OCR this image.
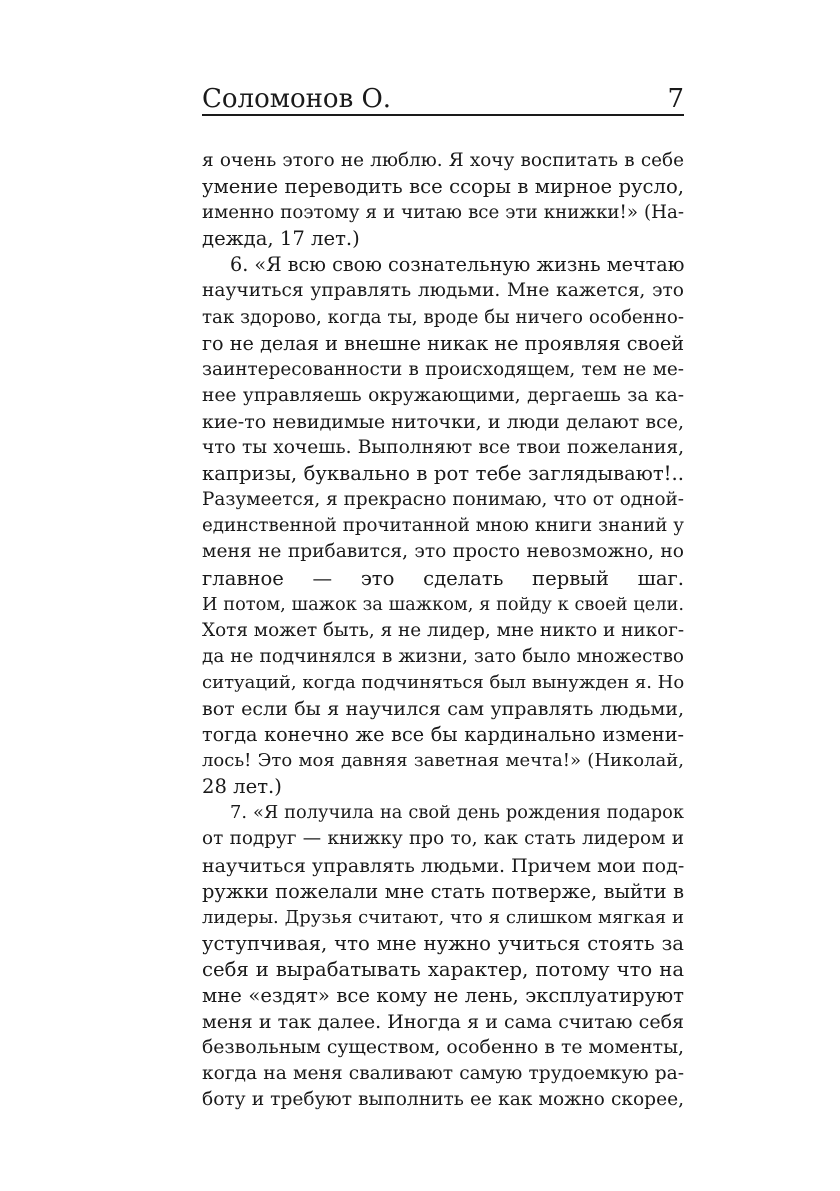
Соломонов О.	7
я очень этого не люблю. Я хочу воспитать в себе
умение переводить все ссоры в мирное русло,
именно поэтому я и читаю все эти книжки!» (На-
дежда, 17 лет.)
6. «Я всю свою сознательную жизнь мечтаю
научиться управлять людьми. Мне кажется, это
так здорово, когда ты, вроде бы ничего особенно-
го не делая и внешне никак не проявляя своей
заинтересованности в происходящем, тем не ме-
нее управляешь окружающими, дергаешь за ка-
кие-то невидимые ниточки, и люди делают все,
что ты хочешь. Выполняют все твои пожелания,
капризы, буквально в рот тебе заглядывают!..
Разумеется, я прекрасно понимаю, что от одной-
единственной прочитанной мною книги знаний у
меня не прибавится, это просто невозможно, но
главное — это сделать первый шаг.
И потом, шажок за шажком, я пойду к своей цели.
Хотя может быть, я не лидер, мне никто и никог-
да не подчинялся в жизни, зато было множество
ситуаций, когда подчиняться был вынужден я. Но
вот если бы я научился сам управлять людьми,
тогда конечно же все бы кардинально измени-
лось! Это моя давняя заветная мечта!» (Николай,
28 лет.)
7. «Я получила на свой день рождения подарок
от подруг — книжку про то, как стать лидером и
научиться управлять людьми. Причем мои под-
ружки пожелали мне стать потверже, выйти в
лидеры. Друзья считают, что я слишком мягкая и
уступчивая, что мне нужно учиться стоять за
себя и вырабатывать характер, потому что на
мне «ездят» все кому не лень, эксплуатируют
меня и так далее. Иногда я и сама считаю себя
безвольным существом, особенно в те моменты,
когда на меня сваливают самую трудоемкую ра-
боту и требуют выполнить ее как можно скорее,
